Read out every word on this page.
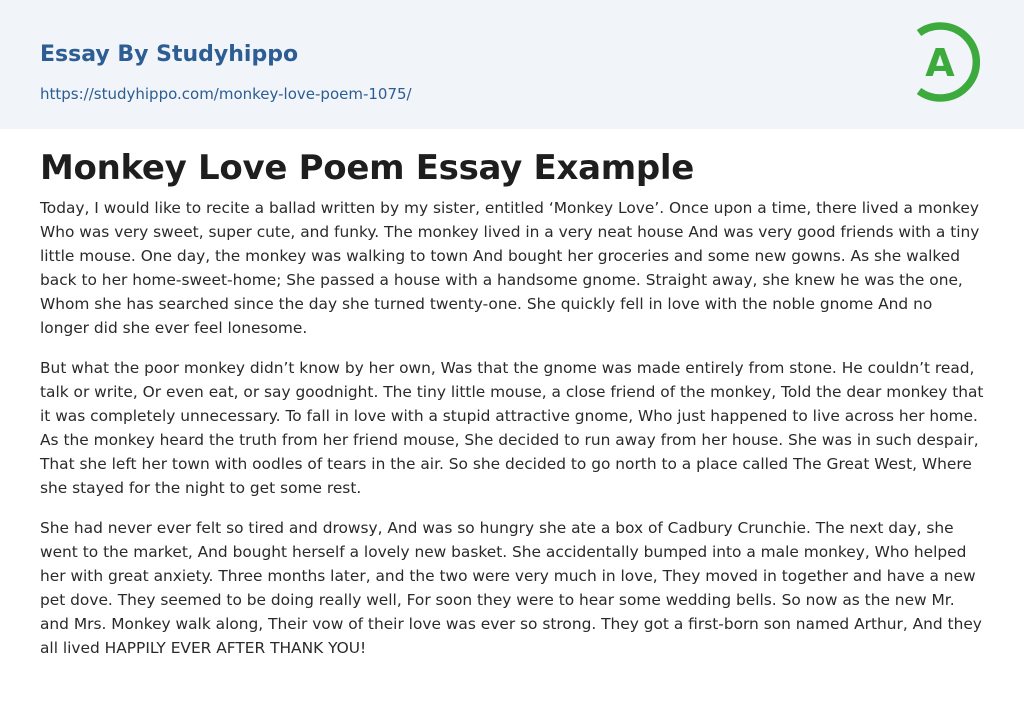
Essay By Studyhippo
https://studyhippo.com/monkey-love-poem-1075/
A
Monkey Love Poem Essay Example

Today, I would like to recite a ballad written by my sister, entitled ‘Monkey Love’. Once upon a time, there lived a monkey Who was very sweet, super cute, and funky. The monkey lived in a very neat house And was very good friends with a tiny little mouse. One day, the monkey was walking to town And bought her groceries and some new gowns. As she walked back to her home-sweet-home; She passed a house with a handsome gnome. Straight away, she knew he was the one, Whom she has searched since the day she turned twenty-one. She quickly fell in love with the noble gnome And no longer did she ever feel lonesome.

But what the poor monkey didn’t know by her own, Was that the gnome was made entirely from stone. He couldn’t read, talk or write, Or even eat, or say goodnight. The tiny little mouse, a close friend of the monkey, Told the dear monkey that it was completely unnecessary. To fall in love with a stupid attractive gnome, Who just happened to live across her home. As the monkey heard the truth from her friend mouse, She decided to run away from her house. She was in such despair, That she left her town with oodles of tears in the air. So she decided to go north to a place called The Great West, Where she stayed for the night to get some rest.

She had never ever felt so tired and drowsy, And was so hungry she ate a box of Cadbury Crunchie. The next day, she went to the market, And bought herself a lovely new basket. She accidentally bumped into a male monkey, Who helped her with great anxiety. Three months later, and the two were very much in love, They moved in together and have a new pet dove. They seemed to be doing really well, For soon they were to hear some wedding bells. So now as the new Mr. and Mrs. Monkey walk along, Their vow of their love was ever so strong. They got a first-born son named Arthur, And they all lived HAPPILY EVER AFTER THANK YOU!
